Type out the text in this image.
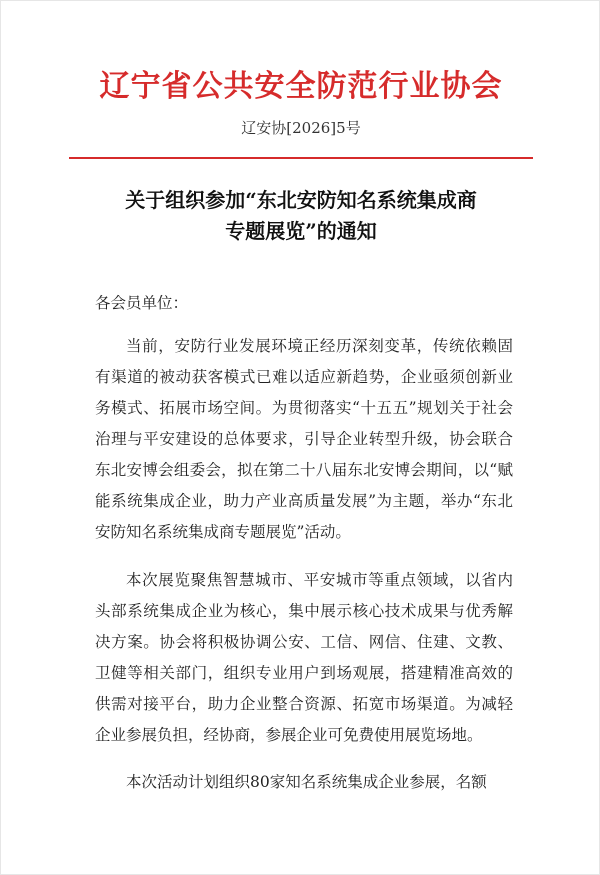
辽宁省公共安全防范行业协会
辽安协[2026]5号
关于组织参加“东北安防知名系统集成商
专题展览”的通知
各会员单位：

当前，安防行业发展环境正经历深刻变革，传统依赖固有渠道的被动获客模式已难以适应新趋势，企业亟须创新业务模式、拓展市场空间。为贯彻落实“十五五”规划关于社会治理与平安建设的总体要求，引导企业转型升级，协会联合东北安博会组委会，拟在第二十八届东北安博会期间，以“赋能系统集成企业，助力产业高质量发展”为主题，举办“东北安防知名系统集成商专题展览”活动。

本次展览聚焦智慧城市、平安城市等重点领域，以省内头部系统集成企业为核心，集中展示核心技术成果与优秀解决方案。协会将积极协调公安、工信、网信、住建、文教、卫健等相关部门，组织专业用户到场观展，搭建精准高效的供需对接平台，助力企业整合资源、拓宽市场渠道。为减轻企业参展负担，经协商，参展企业可免费使用展览场地。

本次活动计划组织80家知名系统集成企业参展，名额
